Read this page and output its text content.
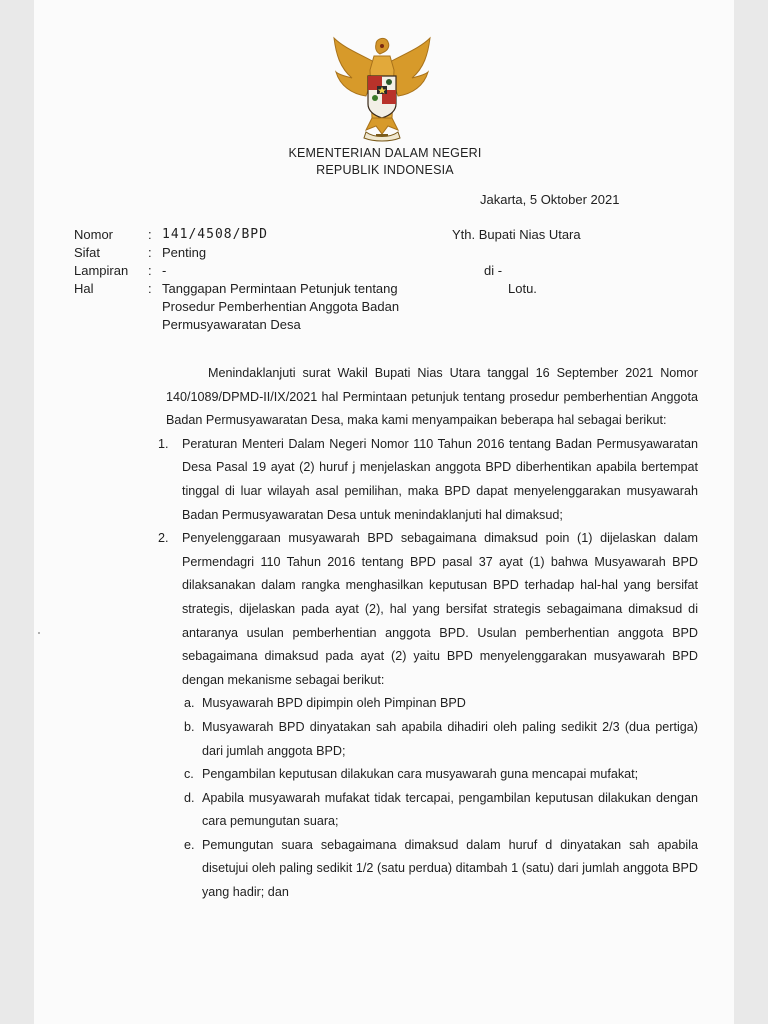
KEMENTERIAN DALAM NEGERI
REPUBLIK INDONESIA
Jakarta, 5 Oktober 2021
Nomor	: 141/4508/BPD
Sifat	: Penting
Lampiran	: -
Hal	: Tanggapan Permintaan Petunjuk tentang Prosedur Pemberhentian Anggota Badan Permusyawaratan Desa
Yth. Bupati Nias Utara
di -
Lotu.

Menindaklanjuti surat Wakil Bupati Nias Utara tanggal 16 September 2021 Nomor 140/1089/DPMD-II/IX/2021 hal Permintaan petunjuk tentang prosedur pemberhentian Anggota Badan Permusyawaratan Desa, maka kami menyampaikan beberapa hal sebagai berikut:

1. Peraturan Menteri Dalam Negeri Nomor 110 Tahun 2016 tentang Badan Permusyawaratan Desa Pasal 19 ayat (2) huruf j menjelaskan anggota BPD diberhentikan apabila bertempat tinggal di luar wilayah asal pemilihan, maka BPD dapat menyelenggarakan musyawarah Badan Permusyawaratan Desa untuk menindaklanjuti hal dimaksud;
2. Penyelenggaraan musyawarah BPD sebagaimana dimaksud poin (1) dijelaskan dalam Permendagri 110 Tahun 2016 tentang BPD pasal 37 ayat (1) bahwa Musyawarah BPD dilaksanakan dalam rangka menghasilkan keputusan BPD terhadap hal-hal yang bersifat strategis, dijelaskan pada ayat (2), hal yang bersifat strategis sebagaimana dimaksud di antaranya usulan pemberhentian anggota BPD. Usulan pemberhentian anggota BPD sebagaimana dimaksud pada ayat (2) yaitu BPD menyelenggarakan musyawarah BPD dengan mekanisme sebagai berikut:
a. Musyawarah BPD dipimpin oleh Pimpinan BPD
b. Musyawarah BPD dinyatakan sah apabila dihadiri oleh paling sedikit 2/3 (dua pertiga) dari jumlah anggota BPD;
c. Pengambilan keputusan dilakukan cara musyawarah guna mencapai mufakat;
d. Apabila musyawarah mufakat tidak tercapai, pengambilan keputusan dilakukan dengan cara pemungutan suara;
e. Pemungutan suara sebagaimana dimaksud dalam huruf d dinyatakan sah apabila disetujui oleh paling sedikit 1/2 (satu perdua) ditambah 1 (satu) dari jumlah anggota BPD yang hadir; dan
